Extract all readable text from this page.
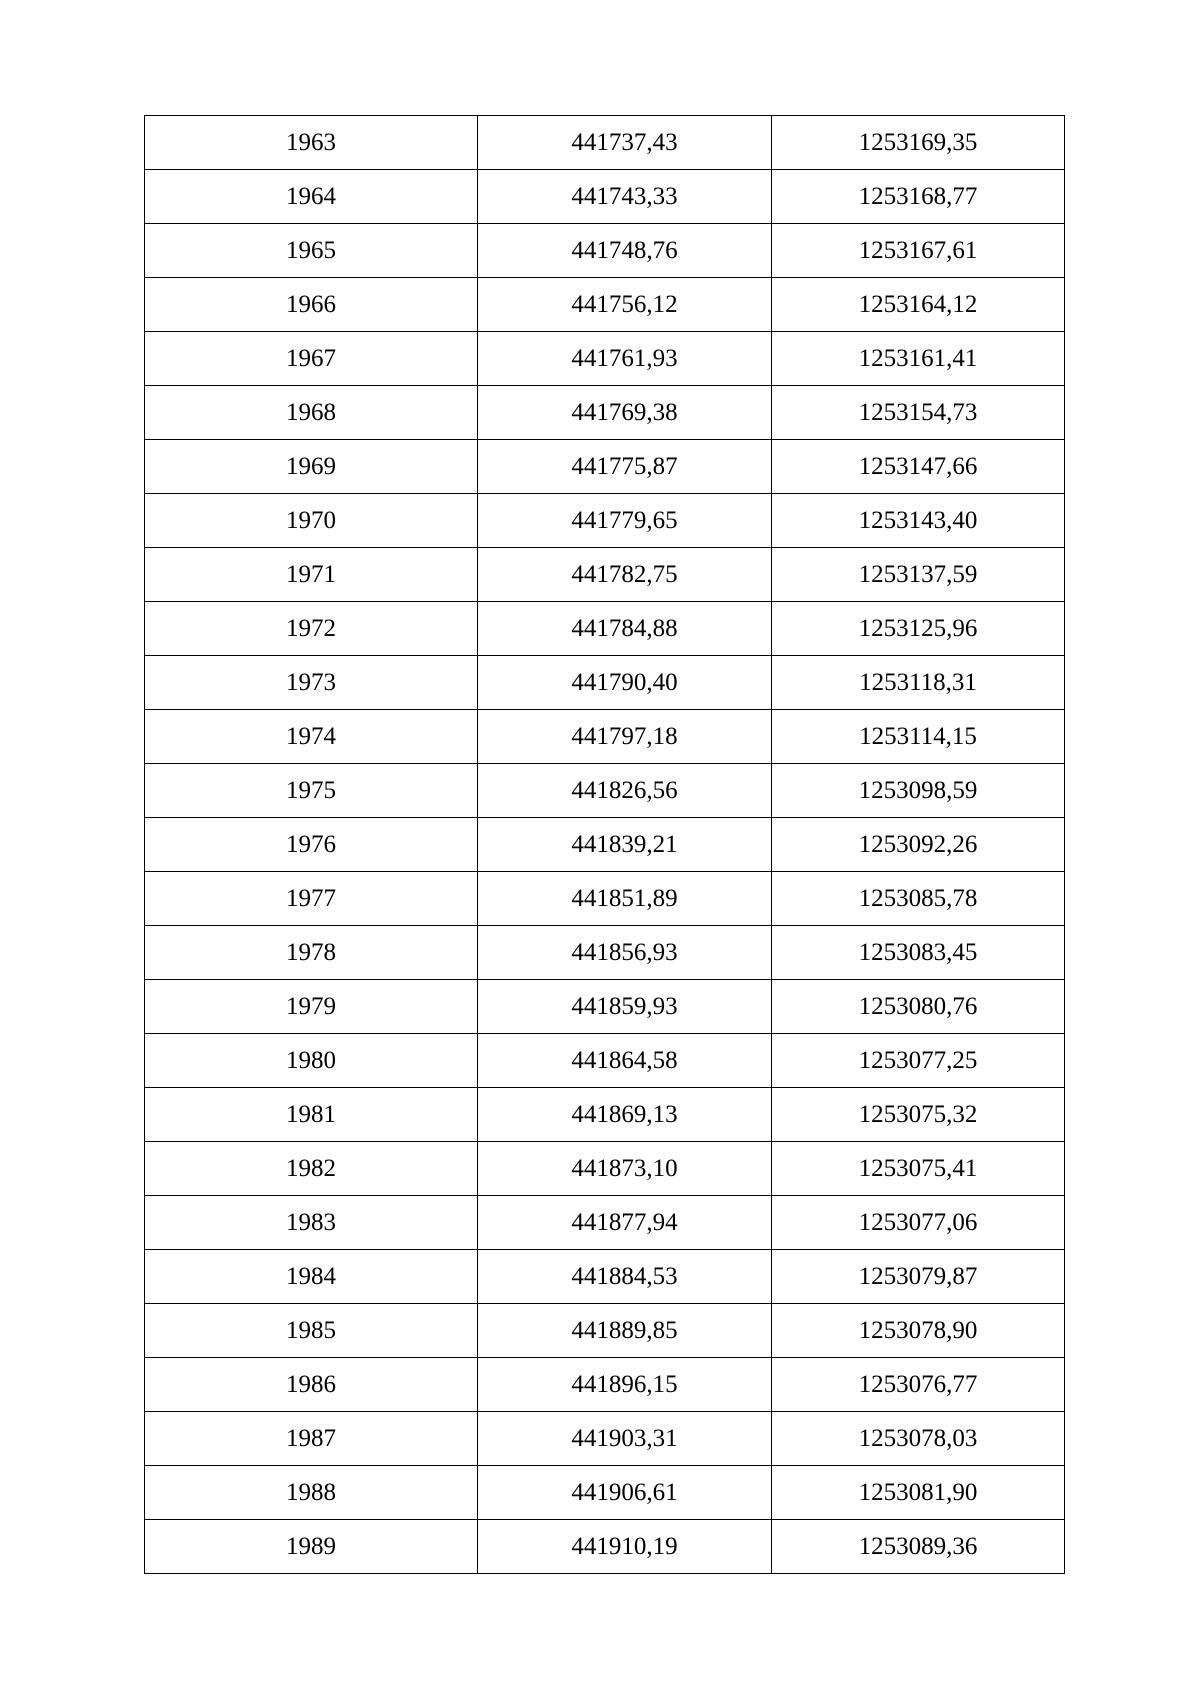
1963	441737,43	1253169,35
1964	441743,33	1253168,77
1965	441748,76	1253167,61
1966	441756,12	1253164,12
1967	441761,93	1253161,41
1968	441769,38	1253154,73
1969	441775,87	1253147,66
1970	441779,65	1253143,40
1971	441782,75	1253137,59
1972	441784,88	1253125,96
1973	441790,40	1253118,31
1974	441797,18	1253114,15
1975	441826,56	1253098,59
1976	441839,21	1253092,26
1977	441851,89	1253085,78
1978	441856,93	1253083,45
1979	441859,93	1253080,76
1980	441864,58	1253077,25
1981	441869,13	1253075,32
1982	441873,10	1253075,41
1983	441877,94	1253077,06
1984	441884,53	1253079,87
1985	441889,85	1253078,90
1986	441896,15	1253076,77
1987	441903,31	1253078,03
1988	441906,61	1253081,90
1989	441910,19	1253089,36
